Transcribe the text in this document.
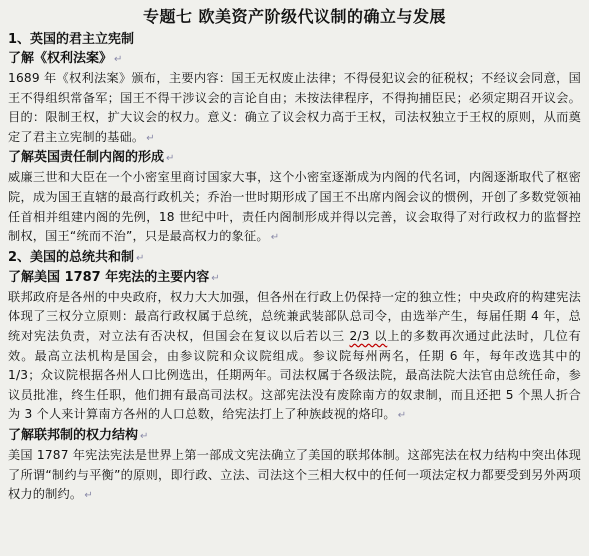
专题七 欧美资产阶级代议制的确立与发展
1、英国的君主立宪制
了解《权利法案》 ↵

1689 年《权利法案》颁布，主要内容：国王无权废止法律；不得侵犯议会的征税权；不经议会同意，国王不得组织常备军；国王不得干涉议会的言论自由；未按法律程序，不得拘捕臣民；必须定期召开议会。目的：限制王权，扩大议会的权力。意义：确立了议会权力高于王权，司法权独立于王权的原则，从而奠定了君主立宪制的基础。 ↵

了解英国责任制内阁的形成 ↵

威廉三世和大臣在一个小密室里商讨国家大事，这个小密室逐渐成为内阁的代名词，内阁逐渐取代了枢密院，成为国王直辖的最高行政机关；乔治一世时期形成了国王不出席内阁会议的惯例，开创了多数党领袖任首相并组建内阁的先例，18 世纪中叶，责任内阁制形成并得以完善，议会取得了对行政权力的监督控制权，国王“统而不治”，只是最高权力的象征。 ↵

2、美国的总统共和制 ↵
了解美国 1787 年宪法的主要内容 ↵

联邦政府是各州的中央政府，权力大大加强，但各州在行政上仍保持一定的独立性；中央政府的构建宪法体现了三权分立原则：最高行政权属于总统，总统兼武装部队总司令，由选举产生，每届任期 4 年，总统对宪法负责，对立法有否决权，但国会在复议以后若以三 2/3 以上的多数再次通过此法时，几位有效。最高立法机构是国会，由参议院和众议院组成。参议院每州两名，任期 6 年，每年改选其中的 1/3；众议院根据各州人口比例选出，任期两年。司法权属于各级法院，最高法院大法官由总统任命，参议员批准，终生任职，他们拥有最高司法权。这部宪法没有废除南方的奴隶制，而且还把 5 个黑人折合为 3 个人来计算南方各州的人口总数，给宪法打上了种族歧视的烙印。 ↵

了解联邦制的权力结构 ↵

美国 1787 年宪法宪法是世界上第一部成文宪法确立了美国的联邦体制。这部宪法在权力结构中突出体现了所谓“制约与平衡”的原则，即行政、立法、司法这个三相大权中的任何一项法定权力都要受到另外两项权力的制约。 ↵
